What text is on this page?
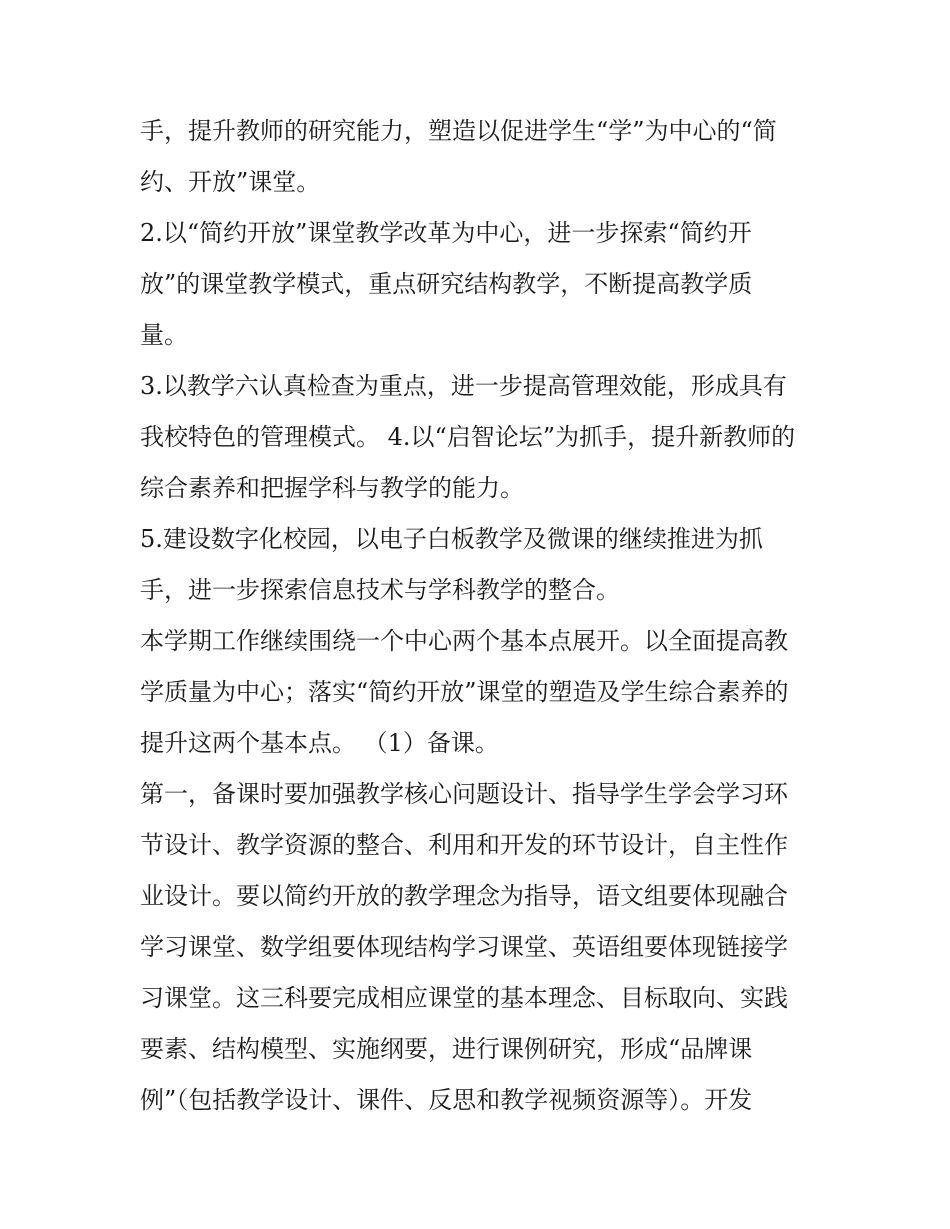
手，提升教师的研究能力，塑造以促进学生“学”为中心的“简
约、开放”课堂。
2.以“简约开放”课堂教学改革为中心，进一步探索“简约开
放”的课堂教学模式，重点研究结构教学，不断提高教学质
量。
3.以教学六认真检查为重点，进一步提高管理效能，形成具有
我校特色的管理模式。 4.以“启智论坛”为抓手，提升新教师的
综合素养和把握学科与教学的能力。
5.建设数字化校园，以电子白板教学及微课的继续推进为抓
手，进一步探索信息技术与学科教学的整合。
本学期工作继续围绕一个中心两个基本点展开。以全面提高教
学质量为中心；落实“简约开放”课堂的塑造及学生综合素养的
提升这两个基本点。 （1）备课。
第一，备课时要加强教学核心问题设计、指导学生学会学习环
节设计、教学资源的整合、利用和开发的环节设计，自主性作
业设计。要以简约开放的教学理念为指导，语文组要体现融合
学习课堂、数学组要体现结构学习课堂、英语组要体现链接学
习课堂。这三科要完成相应课堂的基本理念、目标取向、实践
要素、结构模型、实施纲要，进行课例研究，形成“品牌课
例”（包括教学设计、课件、反思和教学视频资源等）。开发
